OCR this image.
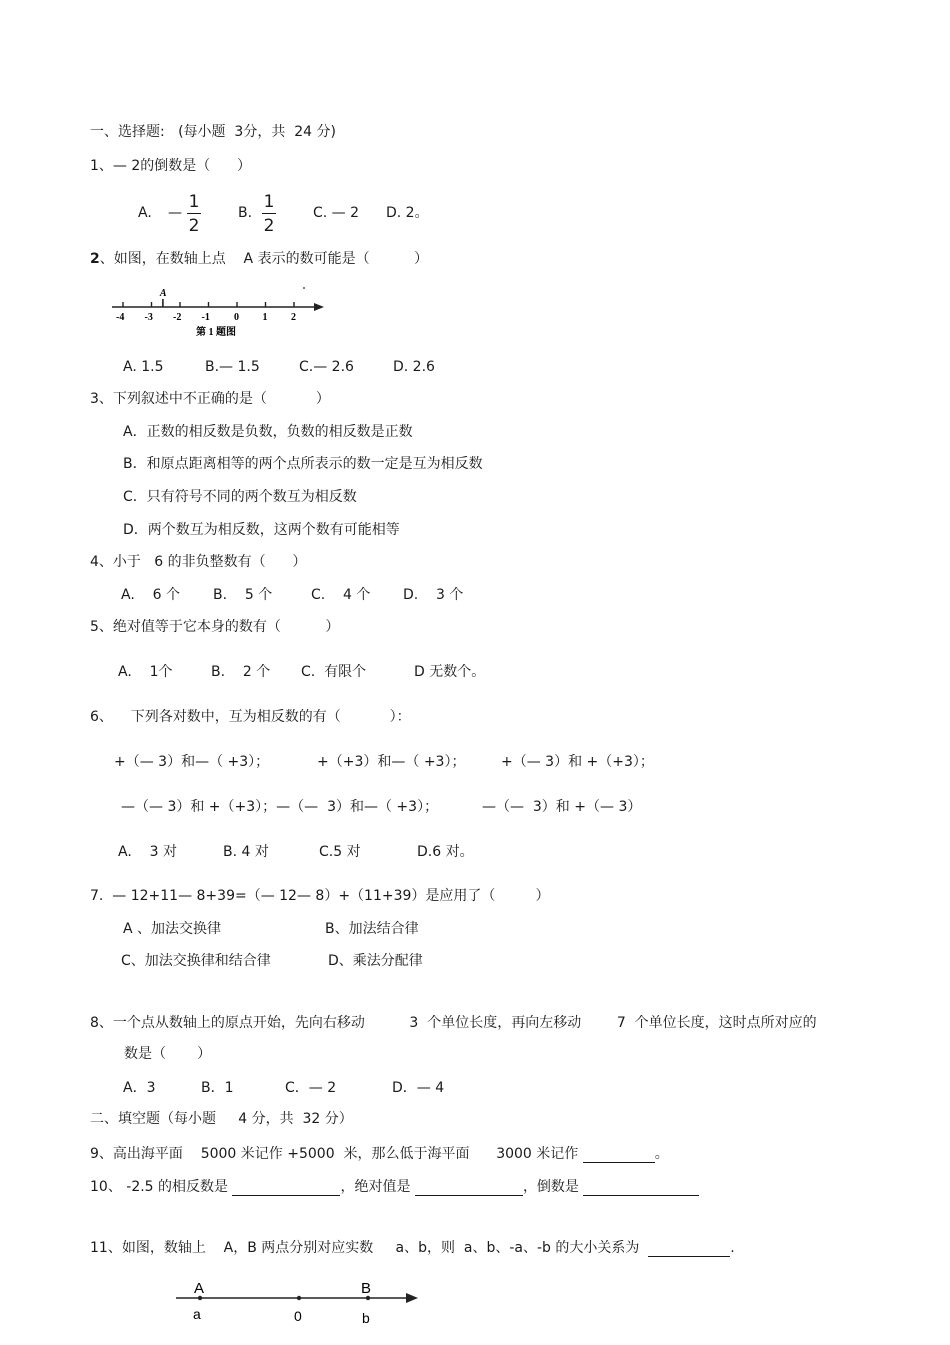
一、选择题:   (每小题  3分，共  24 分)
1、— 2的倒数是（      ）
A. —
1
2
B.
1
2
C. — 2 D. 2。
2、如图，在数轴上点    A 表示的数可能是（          ）
-4 -3 -2 -1 0 1 2
A
第 1 题图
A. 1.5	B.— 1.5	C.— 2.6	D. 2.6
3、下列叙述中不正确的是（           ）
A．正数的相反数是负数，负数的相反数是正数
B．和原点距离相等的两个点所表示的数一定是互为相反数
C．只有符号不同的两个数互为相反数
D．两个数互为相反数，这两个数有可能相等
4、小于   6 的非负整数有（      ）
A.    6 个 B.    5 个	C.    4 个 D.    3 个
5、绝对值等于它本身的数有（          ）
A.    1个	B.    2 个 C.  有限个	D 无数个。
6、    下列各对数中，互为相反数的有（           ）：
+（— 3）和—（ +3）；	+（+3）和—（ +3）；	+（— 3）和 +（+3）；
—（— 3）和 +（+3）；—（—  3）和—（ +3）；	—（—  3）和 +（— 3）
A.    3 对	B. 4 对	C.5 对	D.6 对。
7.  — 12+11— 8+39=（— 12— 8）+（11+39）是应用了（         ）
A 、加法交换律	B、加法结合律
C、加法交换律和结合律	D、乘法分配律
8、一个点从数轴上的原点开始，先向右移动          3  个单位长度，再向左移动        7  个单位长度，这时点所对应的
数是（       ）
A．3	B．1	C．— 2	D．— 4
二、填空题（每小题     4 分，共  32 分）
9、高出海平面    5000 米记作 +5000  米，那么低于海平面      3000 米记作	。
10、 -2.5 的相反数是	，绝对值是	，倒数是
11、如图，数轴上    A，B 两点分别对应实数     a、b，则  a、b、-a、-b 的大小关系为	.
A	B
a	0	b
